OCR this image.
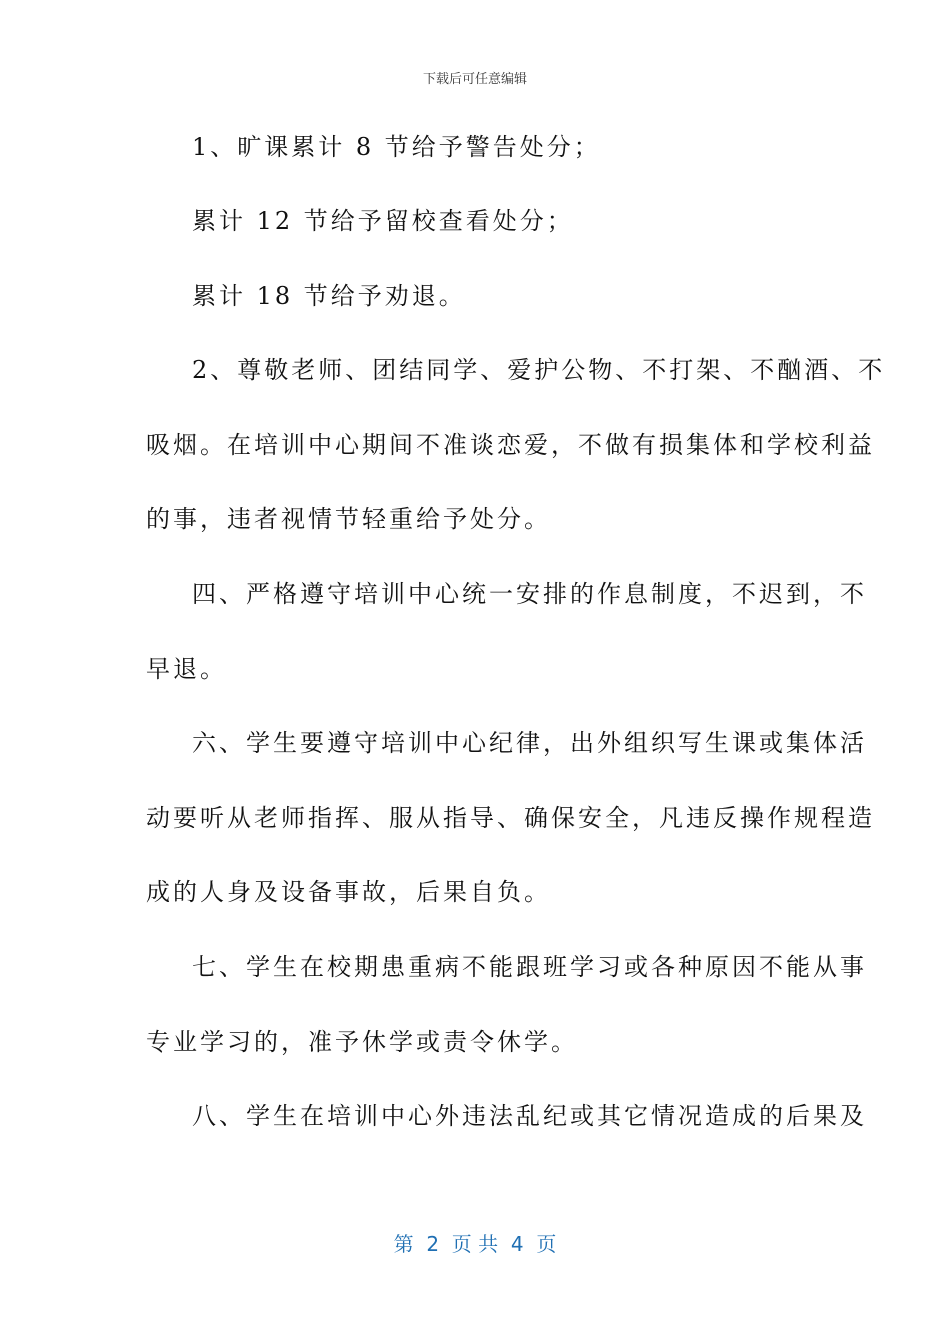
下载后可任意编辑
1、旷课累计 8 节给予警告处分；
累计 12 节给予留校查看处分；
累计 18 节给予劝退。
2、尊敬老师、团结同学、爱护公物、不打架、不酗酒、不
吸烟。在培训中心期间不准谈恋爱，不做有损集体和学校利益
的事，违者视情节轻重给予处分。
四、严格遵守培训中心统一安排的作息制度，不迟到，不
早退。
六、学生要遵守培训中心纪律，出外组织写生课或集体活
动要听从老师指挥、服从指导、确保安全，凡违反操作规程造
成的人身及设备事故，后果自负。
七、学生在校期患重病不能跟班学习或各种原因不能从事
专业学习的，准予休学或责令休学。
八、学生在培训中心外违法乱纪或其它情况造成的后果及
第  2  页 共  4  页
